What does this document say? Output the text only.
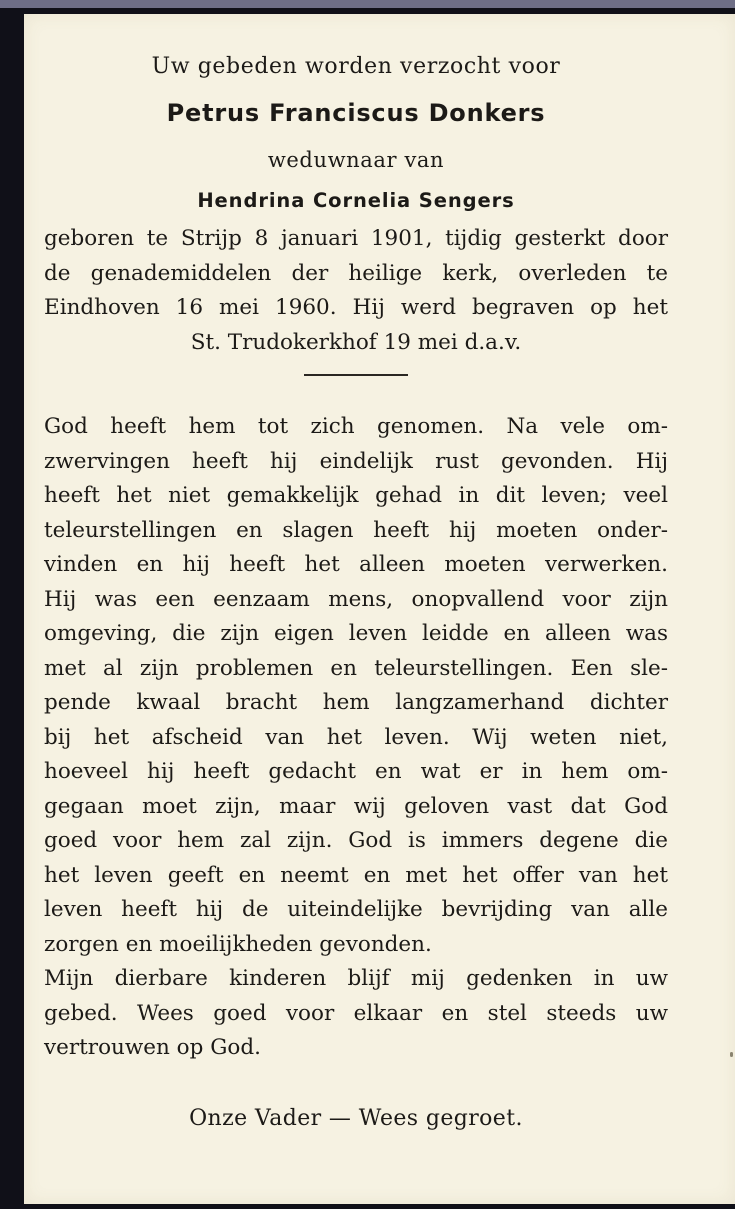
Uw gebeden worden verzocht voor
Petrus Franciscus Donkers
weduwnaar van
Hendrina Cornelia Sengers
geboren te Strijp 8 januari 1901, tijdig gesterkt door
de genademiddelen der heilige kerk, overleden te
Eindhoven 16 mei 1960. Hij werd begraven op het
St. Trudokerkhof 19 mei d.a.v.
God heeft hem tot zich genomen. Na vele om-
zwervingen heeft hij eindelijk rust gevonden. Hij
heeft het niet gemakkelijk gehad in dit leven; veel
teleurstellingen en slagen heeft hij moeten onder-
vinden en hij heeft het alleen moeten verwerken.
Hij was een eenzaam mens, onopvallend voor zijn
omgeving, die zijn eigen leven leidde en alleen was
met al zijn problemen en teleurstellingen. Een sle-
pende kwaal bracht hem langzamerhand dichter
bij het afscheid van het leven. Wij weten niet,
hoeveel hij heeft gedacht en wat er in hem om-
gegaan moet zijn, maar wij geloven vast dat God
goed voor hem zal zijn. God is immers degene die
het leven geeft en neemt en met het offer van het
leven heeft hij de uiteindelijke bevrijding van alle
zorgen en moeilijkheden gevonden.
Mijn dierbare kinderen blijf mij gedenken in uw
gebed. Wees goed voor elkaar en stel steeds uw
vertrouwen op God.
Onze Vader — Wees gegroet.
